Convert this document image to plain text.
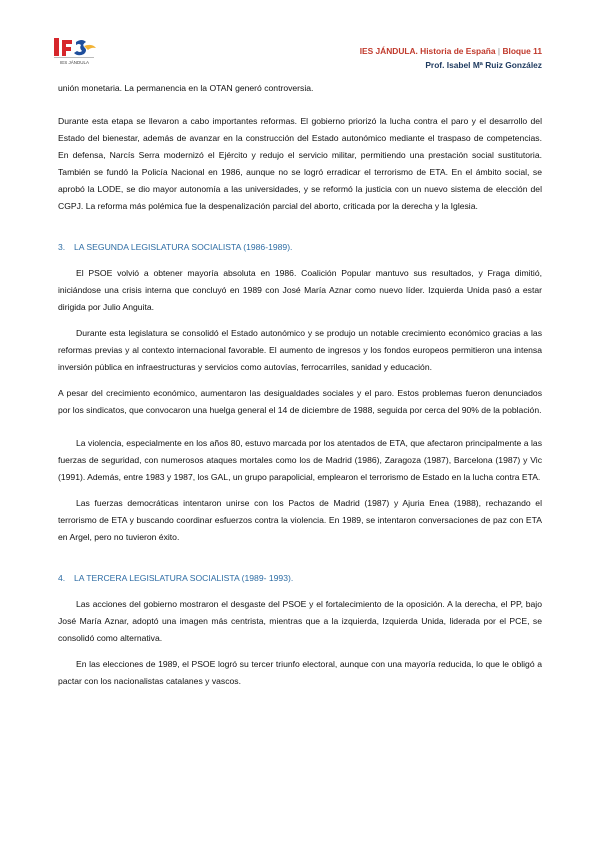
IES JÁNDULA
IES JÁNDULA. Historia de España | Bloque 11
Prof. Isabel Mª Ruiz González

unión monetaria. La permanencia en la OTAN generó controversia.

Durante esta etapa se llevaron a cabo importantes reformas. El gobierno priorizó la lucha contra el paro y el desarrollo del Estado del bienestar, además de avanzar en la construcción del Estado autonómico mediante el traspaso de competencias. En defensa, Narcís Serra modernizó el Ejército y redujo el servicio militar, permitiendo una prestación social sustitutoria. También se fundó la Policía Nacional en 1986, aunque no se logró erradicar el terrorismo de ETA. En el ámbito social, se aprobó la LODE, se dio mayor autonomía a las universidades, y se reformó la justicia con un nuevo sistema de elección del CGPJ. La reforma más polémica fue la despenalización parcial del aborto, criticada por la derecha y la Iglesia.

3. LA SEGUNDA LEGISLATURA SOCIALISTA (1986-1989).

El PSOE volvió a obtener mayoría absoluta en 1986. Coalición Popular mantuvo sus resultados, y Fraga dimitió, iniciándose una crisis interna que concluyó en 1989 con José María Aznar como nuevo líder. Izquierda Unida pasó a estar dirigida por Julio Anguita.

Durante esta legislatura se consolidó el Estado autonómico y se produjo un notable crecimiento económico gracias a las reformas previas y al contexto internacional favorable. El aumento de ingresos y los fondos europeos permitieron una intensa inversión pública en infraestructuras y servicios como autovías, ferrocarriles, sanidad y educación.

A pesar del crecimiento económico, aumentaron las desigualdades sociales y el paro. Estos problemas fueron denunciados por los sindicatos, que convocaron una huelga general el 14 de diciembre de 1988, seguida por cerca del 90% de la población.

La violencia, especialmente en los años 80, estuvo marcada por los atentados de ETA, que afectaron principalmente a las fuerzas de seguridad, con numerosos ataques mortales como los de Madrid (1986), Zaragoza (1987), Barcelona (1987) y Vic (1991). Además, entre 1983 y 1987, los GAL, un grupo parapolicial, emplearon el terrorismo de Estado en la lucha contra ETA.

Las fuerzas democráticas intentaron unirse con los Pactos de Madrid (1987) y Ajuria Enea (1988), rechazando el terrorismo de ETA y buscando coordinar esfuerzos contra la violencia. En 1989, se intentaron conversaciones de paz con ETA en Argel, pero no tuvieron éxito.

4. LA TERCERA LEGISLATURA SOCIALISTA (1989- 1993).

Las acciones del gobierno mostraron el desgaste del PSOE y el fortalecimiento de la oposición. A la derecha, el PP, bajo José María Aznar, adoptó una imagen más centrista, mientras que a la izquierda, Izquierda Unida, liderada por el PCE, se consolidó como alternativa.

En las elecciones de 1989, el PSOE logró su tercer triunfo electoral, aunque con una mayoría reducida, lo que le obligó a pactar con los nacionalistas catalanes y vascos.
